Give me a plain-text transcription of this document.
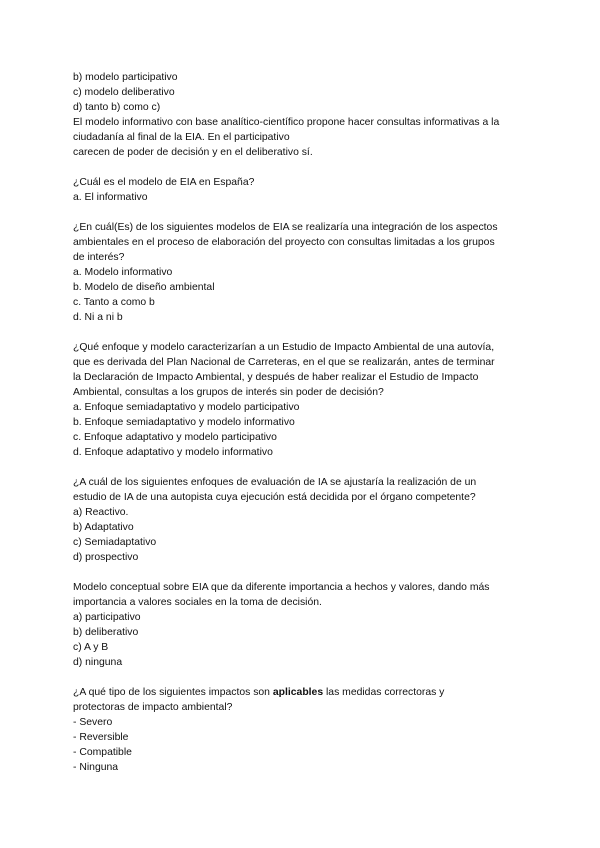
b) modelo participativo
c) modelo deliberativo
d) tanto b) como c)
El modelo informativo con base analítico-científico propone hacer consultas informativas a la
ciudadanía al final de la EIA. En el participativo
carecen de poder de decisión y en el deliberativo sí.
¿Cuál es el modelo de EIA en España?
a. El informativo
¿En cuál(Es) de los siguientes modelos de EIA se realizaría una integración de los aspectos
ambientales en el proceso de elaboración del proyecto con consultas limitadas a los grupos
de interés?
a. Modelo informativo
b. Modelo de diseño ambiental
c. Tanto a como b
d. Ni a ni b
¿Qué enfoque y modelo caracterizarían a un Estudio de Impacto Ambiental de una autovía,
que es derivada del Plan Nacional de Carreteras, en el que se realizarán, antes de terminar
la Declaración de Impacto Ambiental, y después de haber realizar el Estudio de Impacto
Ambiental, consultas a los grupos de interés sin poder de decisión?
a. Enfoque semiadaptativo y modelo participativo
b. Enfoque semiadaptativo y modelo informativo
c. Enfoque adaptativo y modelo participativo
d. Enfoque adaptativo y modelo informativo
¿A cuál de los siguientes enfoques de evaluación de IA se ajustaría la realización de un
estudio de IA de una autopista cuya ejecución está decidida por el órgano competente?
a) Reactivo.
b) Adaptativo
c) Semiadaptativo
d) prospectivo
Modelo conceptual sobre EIA que da diferente importancia a hechos y valores, dando más
importancia a valores sociales en la toma de decisión.
a) participativo
b) deliberativo
c) A y B
d) ninguna
¿A qué tipo de los siguientes impactos son aplicables las medidas correctoras y
protectoras de impacto ambiental?
- Severo
- Reversible
- Compatible
- Ninguna
